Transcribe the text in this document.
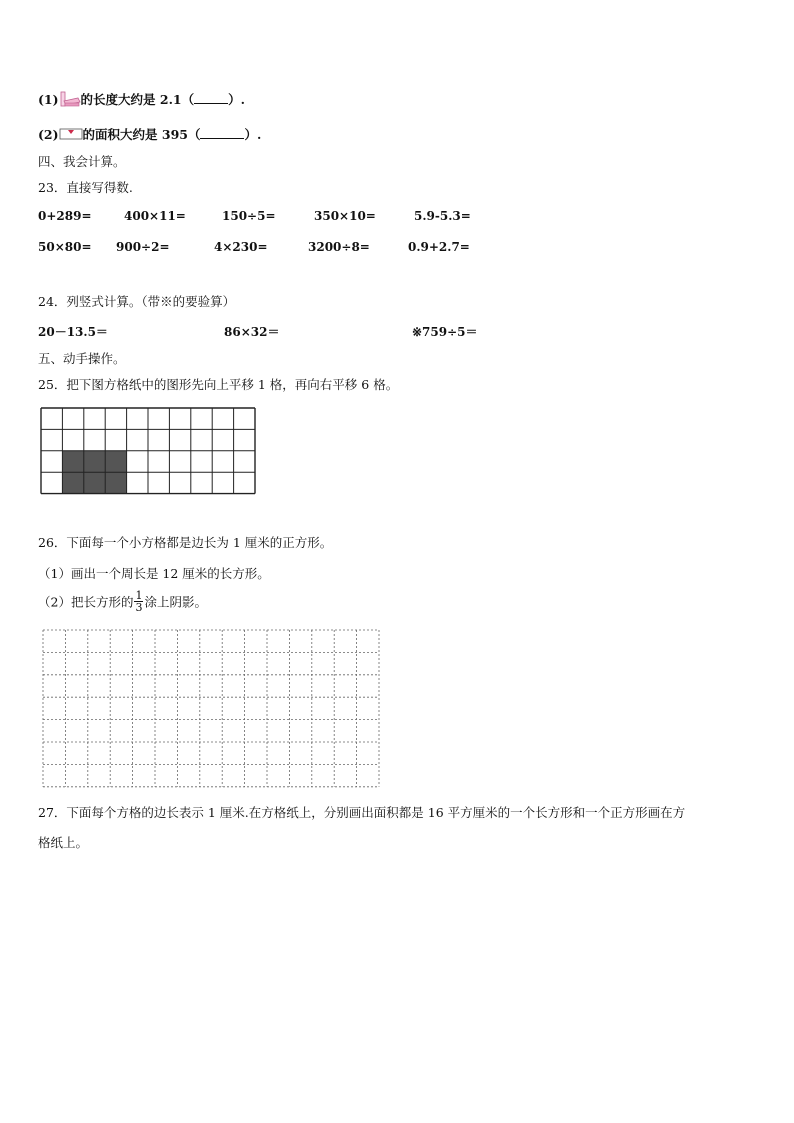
(1) 的长度大约是 2.1（	）.
(2) 的面积大约是 395（	）.
四、我会计算。
23．直接写得数.
0+289=	400×11=	150÷5=	350×10=	5.9-5.3=
50×80= 900÷2=	4×230=	3200÷8=	0.9+2.7=
24．列竖式计算。（带※的要验算）
20－13.5＝	86×32＝	※759÷5＝
五、动手操作。
25．把下图方格纸中的图形先向上平移 1 格，再向右平移 6 格。
26．下面每一个小方格都是边长为 1 厘米的正方形。
（1）画出一个周长是 12 厘米的长方形。
（2）把长方形的 $\frac{1}{3}$ 涂上阴影。
27．下面每个方格的边长表示 1 厘米.在方格纸上，分别画出面积都是 16 平方厘米的一个长方形和一个正方形画在方
格纸上。
